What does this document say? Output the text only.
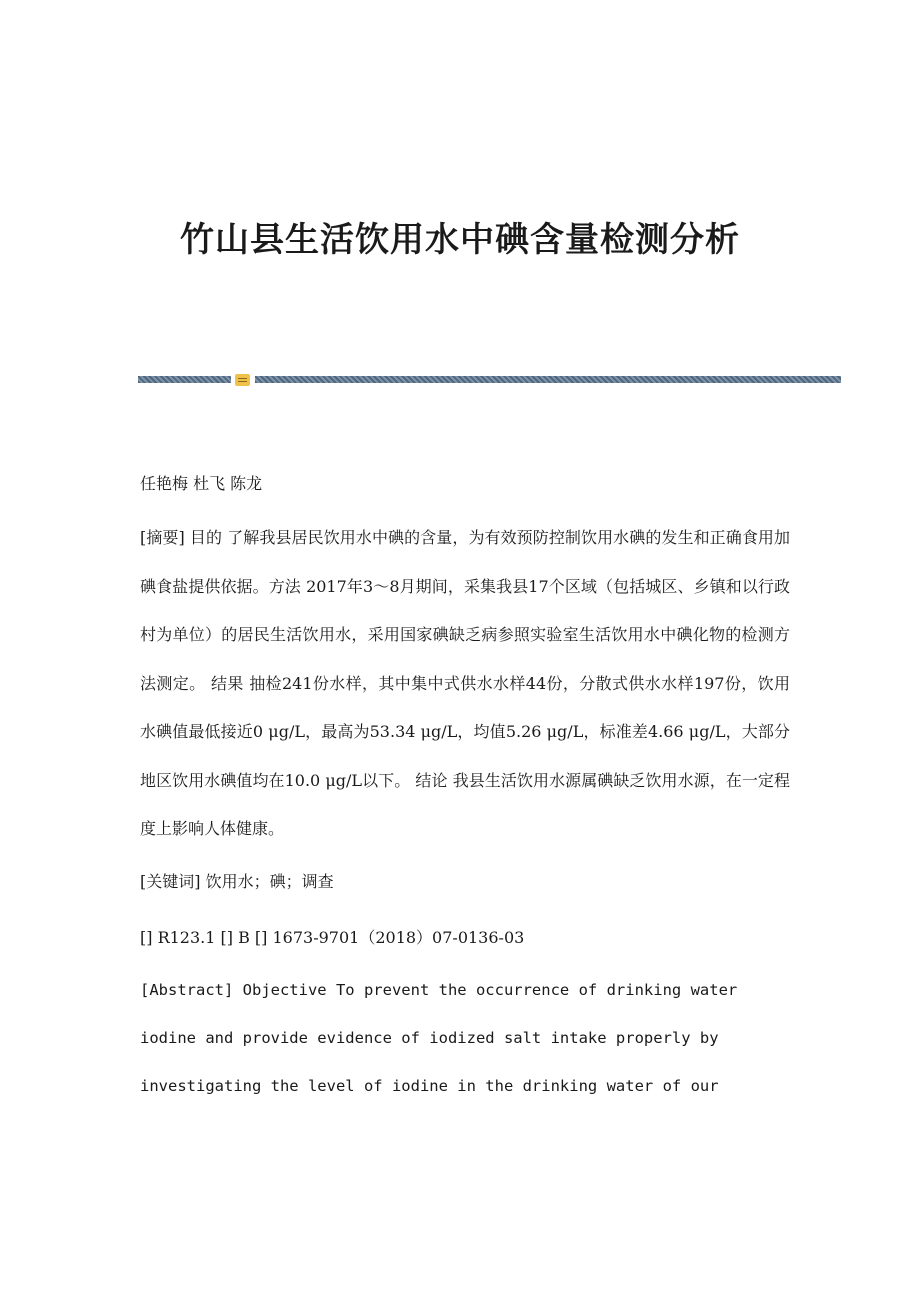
竹山县生活饮用水中碘含量检测分析

任艳梅 杜飞 陈龙

[摘要] 目的 了解我县居民饮用水中碘的含量，为有效预防控制饮用水碘的发生和正确食用加碘食盐提供依据。方法 2017年3～8月期间，采集我县17个区域（包括城区、乡镇和以行政村为单位）的居民生活饮用水，采用国家碘缺乏病参照实验室生活饮用水中碘化物的检测方法测定。 结果 抽检241份水样，其中集中式供水水样44份，分散式供水水样197份，饮用水碘值最低接近0 μg/L，最高为53.34 μg/L，均值5.26 μg/L，标准差4.66 μg/L，大部分地区饮用水碘值均在10.0 μg/L以下。 结论 我县生活饮用水源属碘缺乏饮用水源，在一定程度上影响人体健康。

[关键词] 饮用水；碘；调查

[] R123.1 [] B [] 1673-9701（2018）07-0136-03

[Abstract] Objective To prevent the occurrence of drinking water iodine and provide evidence of iodized salt intake properly by investigating the level of iodine in the drinking water of our
